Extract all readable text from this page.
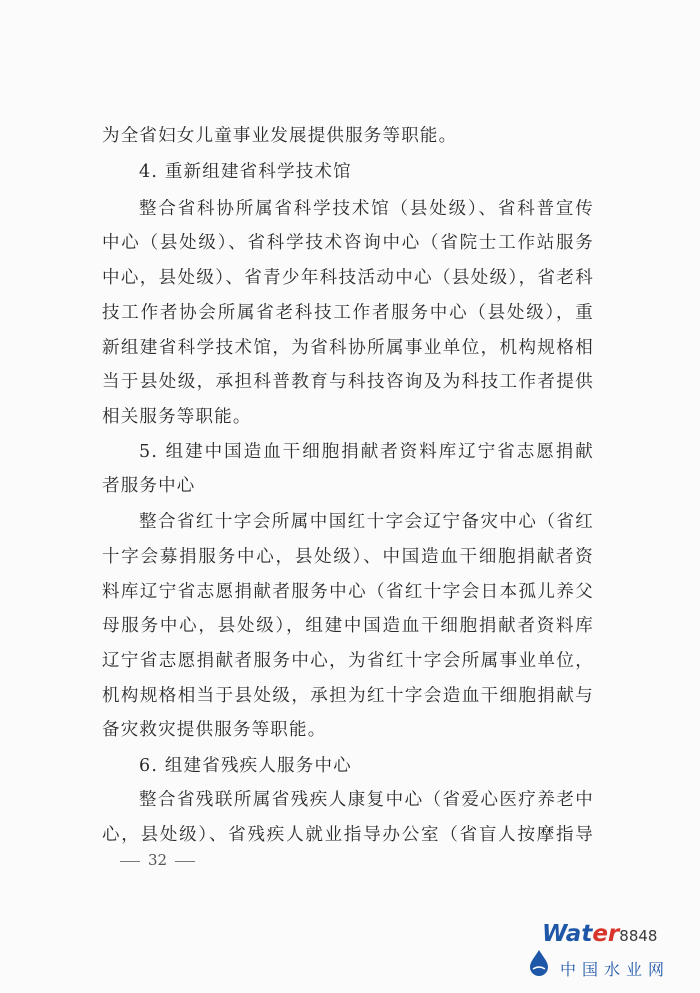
为全省妇女儿童事业发展提供服务等职能。
4. 重新组建省科学技术馆
整合省科协所属省科学技术馆（县处级）、省科普宣传
中心（县处级）、省科学技术咨询中心（省院士工作站服务
中心，县处级）、省青少年科技活动中心（县处级），省老科
技工作者协会所属省老科技工作者服务中心（县处级），重
新组建省科学技术馆，为省科协所属事业单位，机构规格相
当于县处级，承担科普教育与科技咨询及为科技工作者提供
相关服务等职能。
5. 组建中国造血干细胞捐献者资料库辽宁省志愿捐献
者服务中心
整合省红十字会所属中国红十字会辽宁备灾中心（省红
十字会募捐服务中心，县处级）、中国造血干细胞捐献者资
料库辽宁省志愿捐献者服务中心（省红十字会日本孤儿养父
母服务中心，县处级），组建中国造血干细胞捐献者资料库
辽宁省志愿捐献者服务中心，为省红十字会所属事业单位，
机构规格相当于县处级，承担为红十字会造血干细胞捐献与
备灾救灾提供服务等职能。
6. 组建省残疾人服务中心
整合省残联所属省残疾人康复中心（省爱心医疗养老中
心，县处级）、省残疾人就业指导办公室（省盲人按摩指导
32
Water8848
中国水业网
